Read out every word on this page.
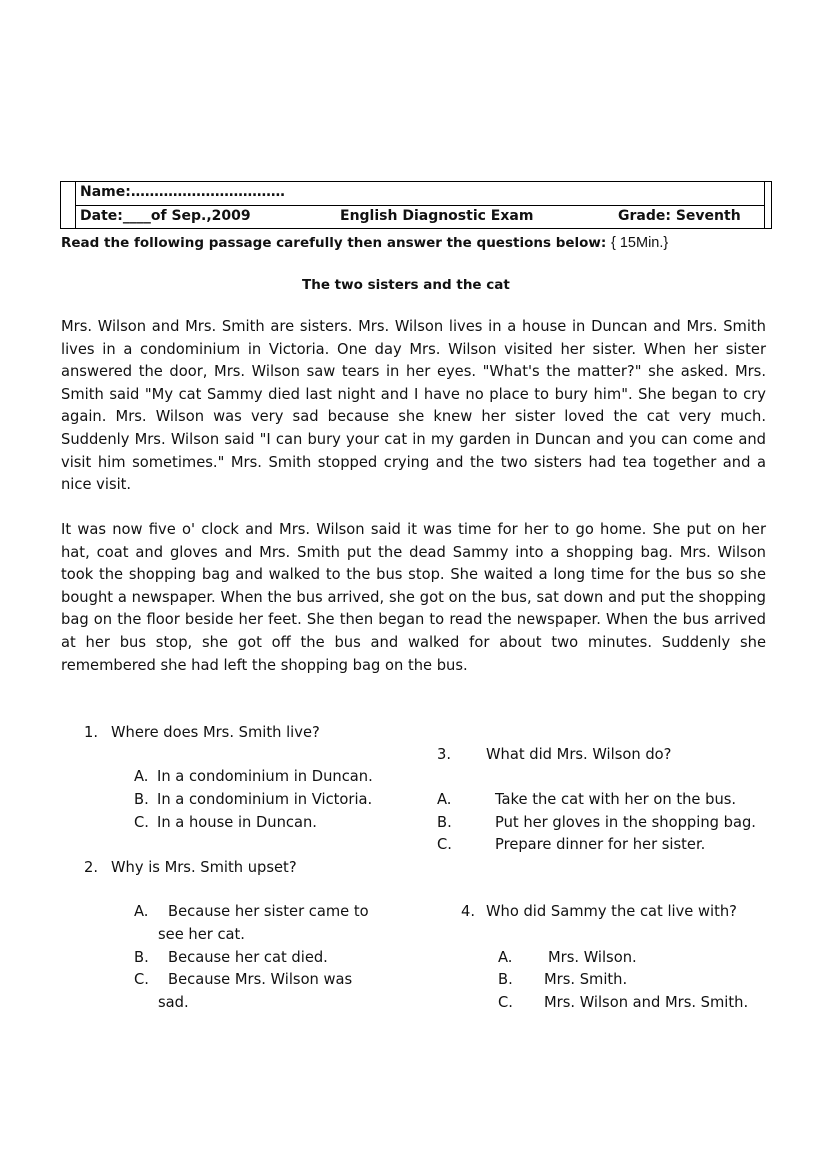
Name:……………………………
Date:____of Sep.,2009	English Diagnostic Exam	Grade: Seventh
Read the following passage carefully then answer the questions below: { 15Min.}
The two sisters and the cat
Mrs. Wilson and Mrs. Smith are sisters. Mrs. Wilson lives in a house in Duncan and Mrs. Smith lives in a condominium in Victoria. One day Mrs. Wilson visited her sister. When her sister answered the door, Mrs. Wilson saw tears in her eyes. "What's the matter?" she asked. Mrs. Smith said "My cat Sammy died last night and I have no place to bury him". She began to cry again. Mrs. Wilson was very sad because she knew her sister loved the cat very much. Suddenly Mrs. Wilson said "I can bury your cat in my garden in Duncan and you can come and visit him sometimes." Mrs. Smith stopped crying and the two sisters had tea together and a nice visit.
It was now five o' clock and Mrs. Wilson said it was time for her to go home. She put on her hat, coat and gloves and Mrs. Smith put the dead Sammy into a shopping bag. Mrs. Wilson took the shopping bag and walked to the bus stop. She waited a long time for the bus so she bought a newspaper. When the bus arrived, she got on the bus, sat down and put the shopping bag on the floor beside her feet. She then began to read the newspaper. When the bus arrived at her bus stop, she got off the bus and walked for about two minutes. Suddenly she remembered she had left the shopping bag on the bus.
1. Where does Mrs. Smith live?
A. In a condominium in Duncan.
B. In a condominium in Victoria.
C. In a house in Duncan.
2. Why is Mrs. Smith upset?
A. Because her sister came to
see her cat.
B. Because her cat died.
C. Because Mrs. Wilson was
sad.
3. What did Mrs. Wilson do?
A.	Take the cat with her on the bus.
B.	Put her gloves in the shopping bag.
C.	Prepare dinner for her sister.
4. Who did Sammy the cat live with?
A. Mrs. Wilson.
B. Mrs. Smith.
C. Mrs. Wilson and Mrs. Smith.
